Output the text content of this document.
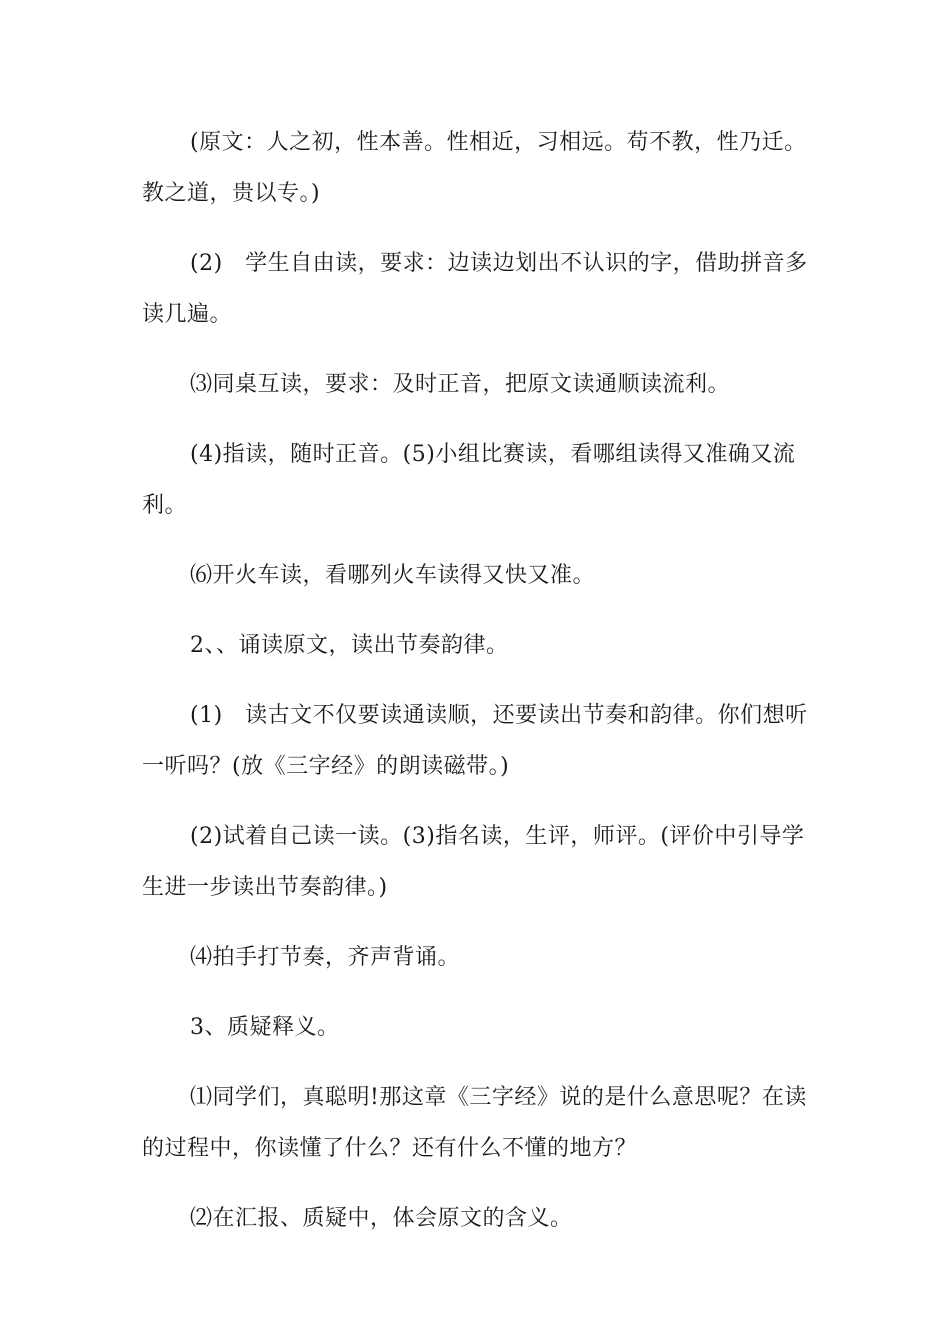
(原文：人之初，性本善。性相近，习相远。苟不教，性乃迁。教之道，贵以专。)

(2)　学生自由读，要求：边读边划出不认识的字，借助拼音多读几遍。

⑶同桌互读，要求：及时正音，把原文读通顺读流利。

(4)指读，随时正音。(5)小组比赛读，看哪组读得又准确又流利。

⑹开火车读，看哪列火车读得又快又准。

2、、诵读原文，读出节奏韵律。

(1)　读古文不仅要读通读顺，还要读出节奏和韵律。你们想听一听吗？(放《三字经》的朗读磁带。)

(2)试着自己读一读。(3)指名读，生评，师评。(评价中引导学生进一步读出节奏韵律。)

⑷拍手打节奏，齐声背诵。

3、质疑释义。

⑴同学们，真聪明!那这章《三字经》说的是什么意思呢？在读的过程中，你读懂了什么？还有什么不懂的地方？

⑵在汇报、质疑中，体会原文的含义。
